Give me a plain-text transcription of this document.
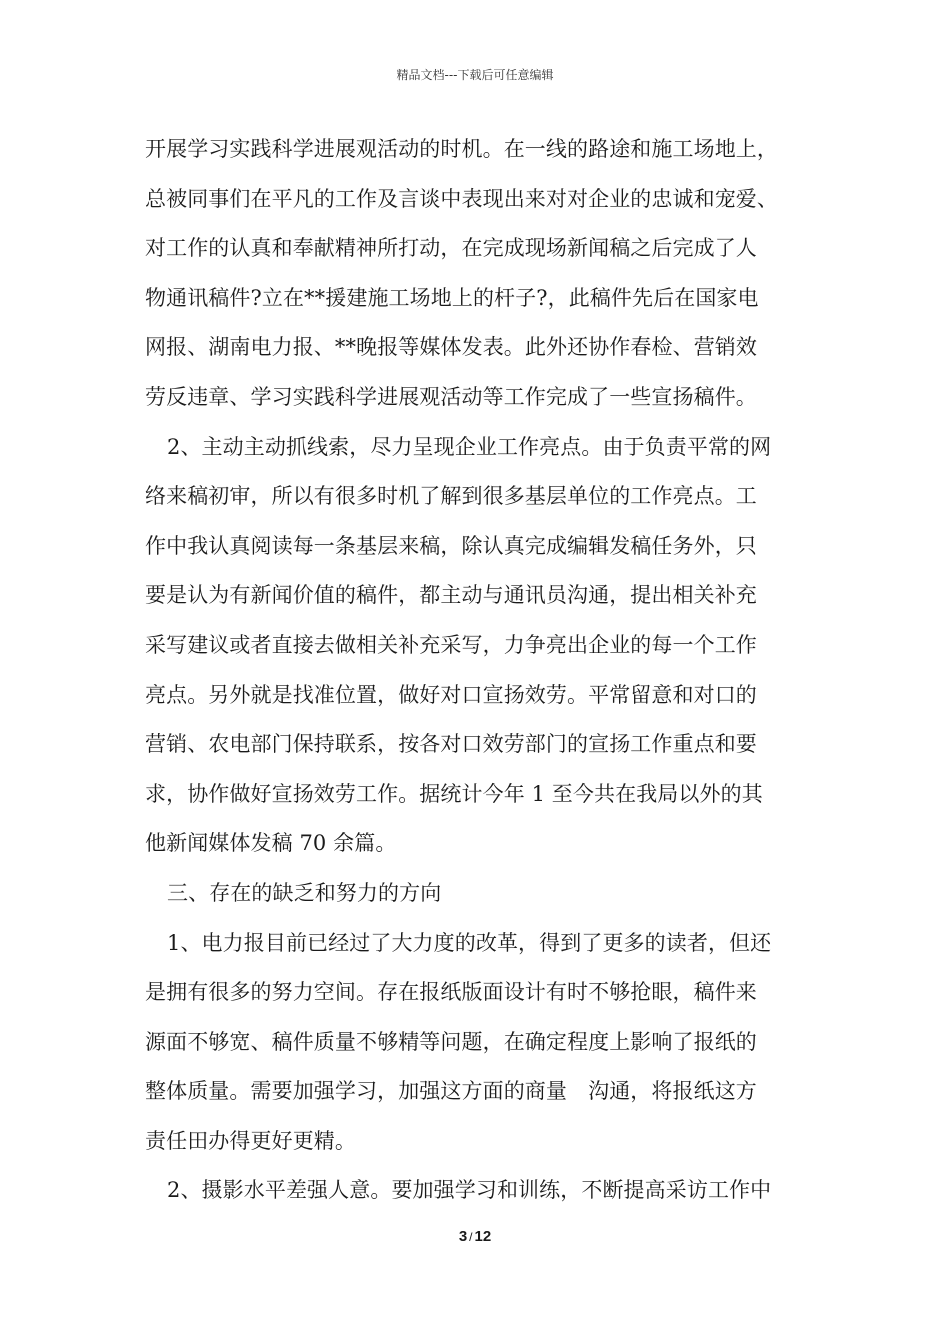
精品文档---下载后可任意编辑
开展学习实践科学进展观活动的时机。在一线的路途和施工场地上，
总被同事们在平凡的工作及言谈中表现出来对对企业的忠诚和宠爱、
对工作的认真和奉献精神所打动，在完成现场新闻稿之后完成了人
物通讯稿件?立在**援建施工场地上的杆子?，此稿件先后在国家电
网报、湖南电力报、**晚报等媒体发表。此外还协作春检、营销效
劳反违章、学习实践科学进展观活动等工作完成了一些宣扬稿件。
2、主动主动抓线索，尽力呈现企业工作亮点。由于负责平常的网
络来稿初审，所以有很多时机了解到很多基层单位的工作亮点。工
作中我认真阅读每一条基层来稿，除认真完成编辑发稿任务外，只
要是认为有新闻价值的稿件，都主动与通讯员沟通，提出相关补充
采写建议或者直接去做相关补充采写，力争亮出企业的每一个工作
亮点。另外就是找准位置，做好对口宣扬效劳。平常留意和对口的
营销、农电部门保持联系，按各对口效劳部门的宣扬工作重点和要
求，协作做好宣扬效劳工作。据统计今年 1 至今共在我局以外的其
他新闻媒体发稿 70 余篇。
三、存在的缺乏和努力的方向
1、电力报目前已经过了大力度的改革，得到了更多的读者，但还
是拥有很多的努力空间。存在报纸版面设计有时不够抢眼，稿件来
源面不够宽、稿件质量不够精等问题，在确定程度上影响了报纸的
整体质量。需要加强学习，加强这方面的商量　沟通，将报纸这方
责任田办得更好更精。
2、摄影水平差强人意。要加强学习和训练，不断提高采访工作中
3 / 12
